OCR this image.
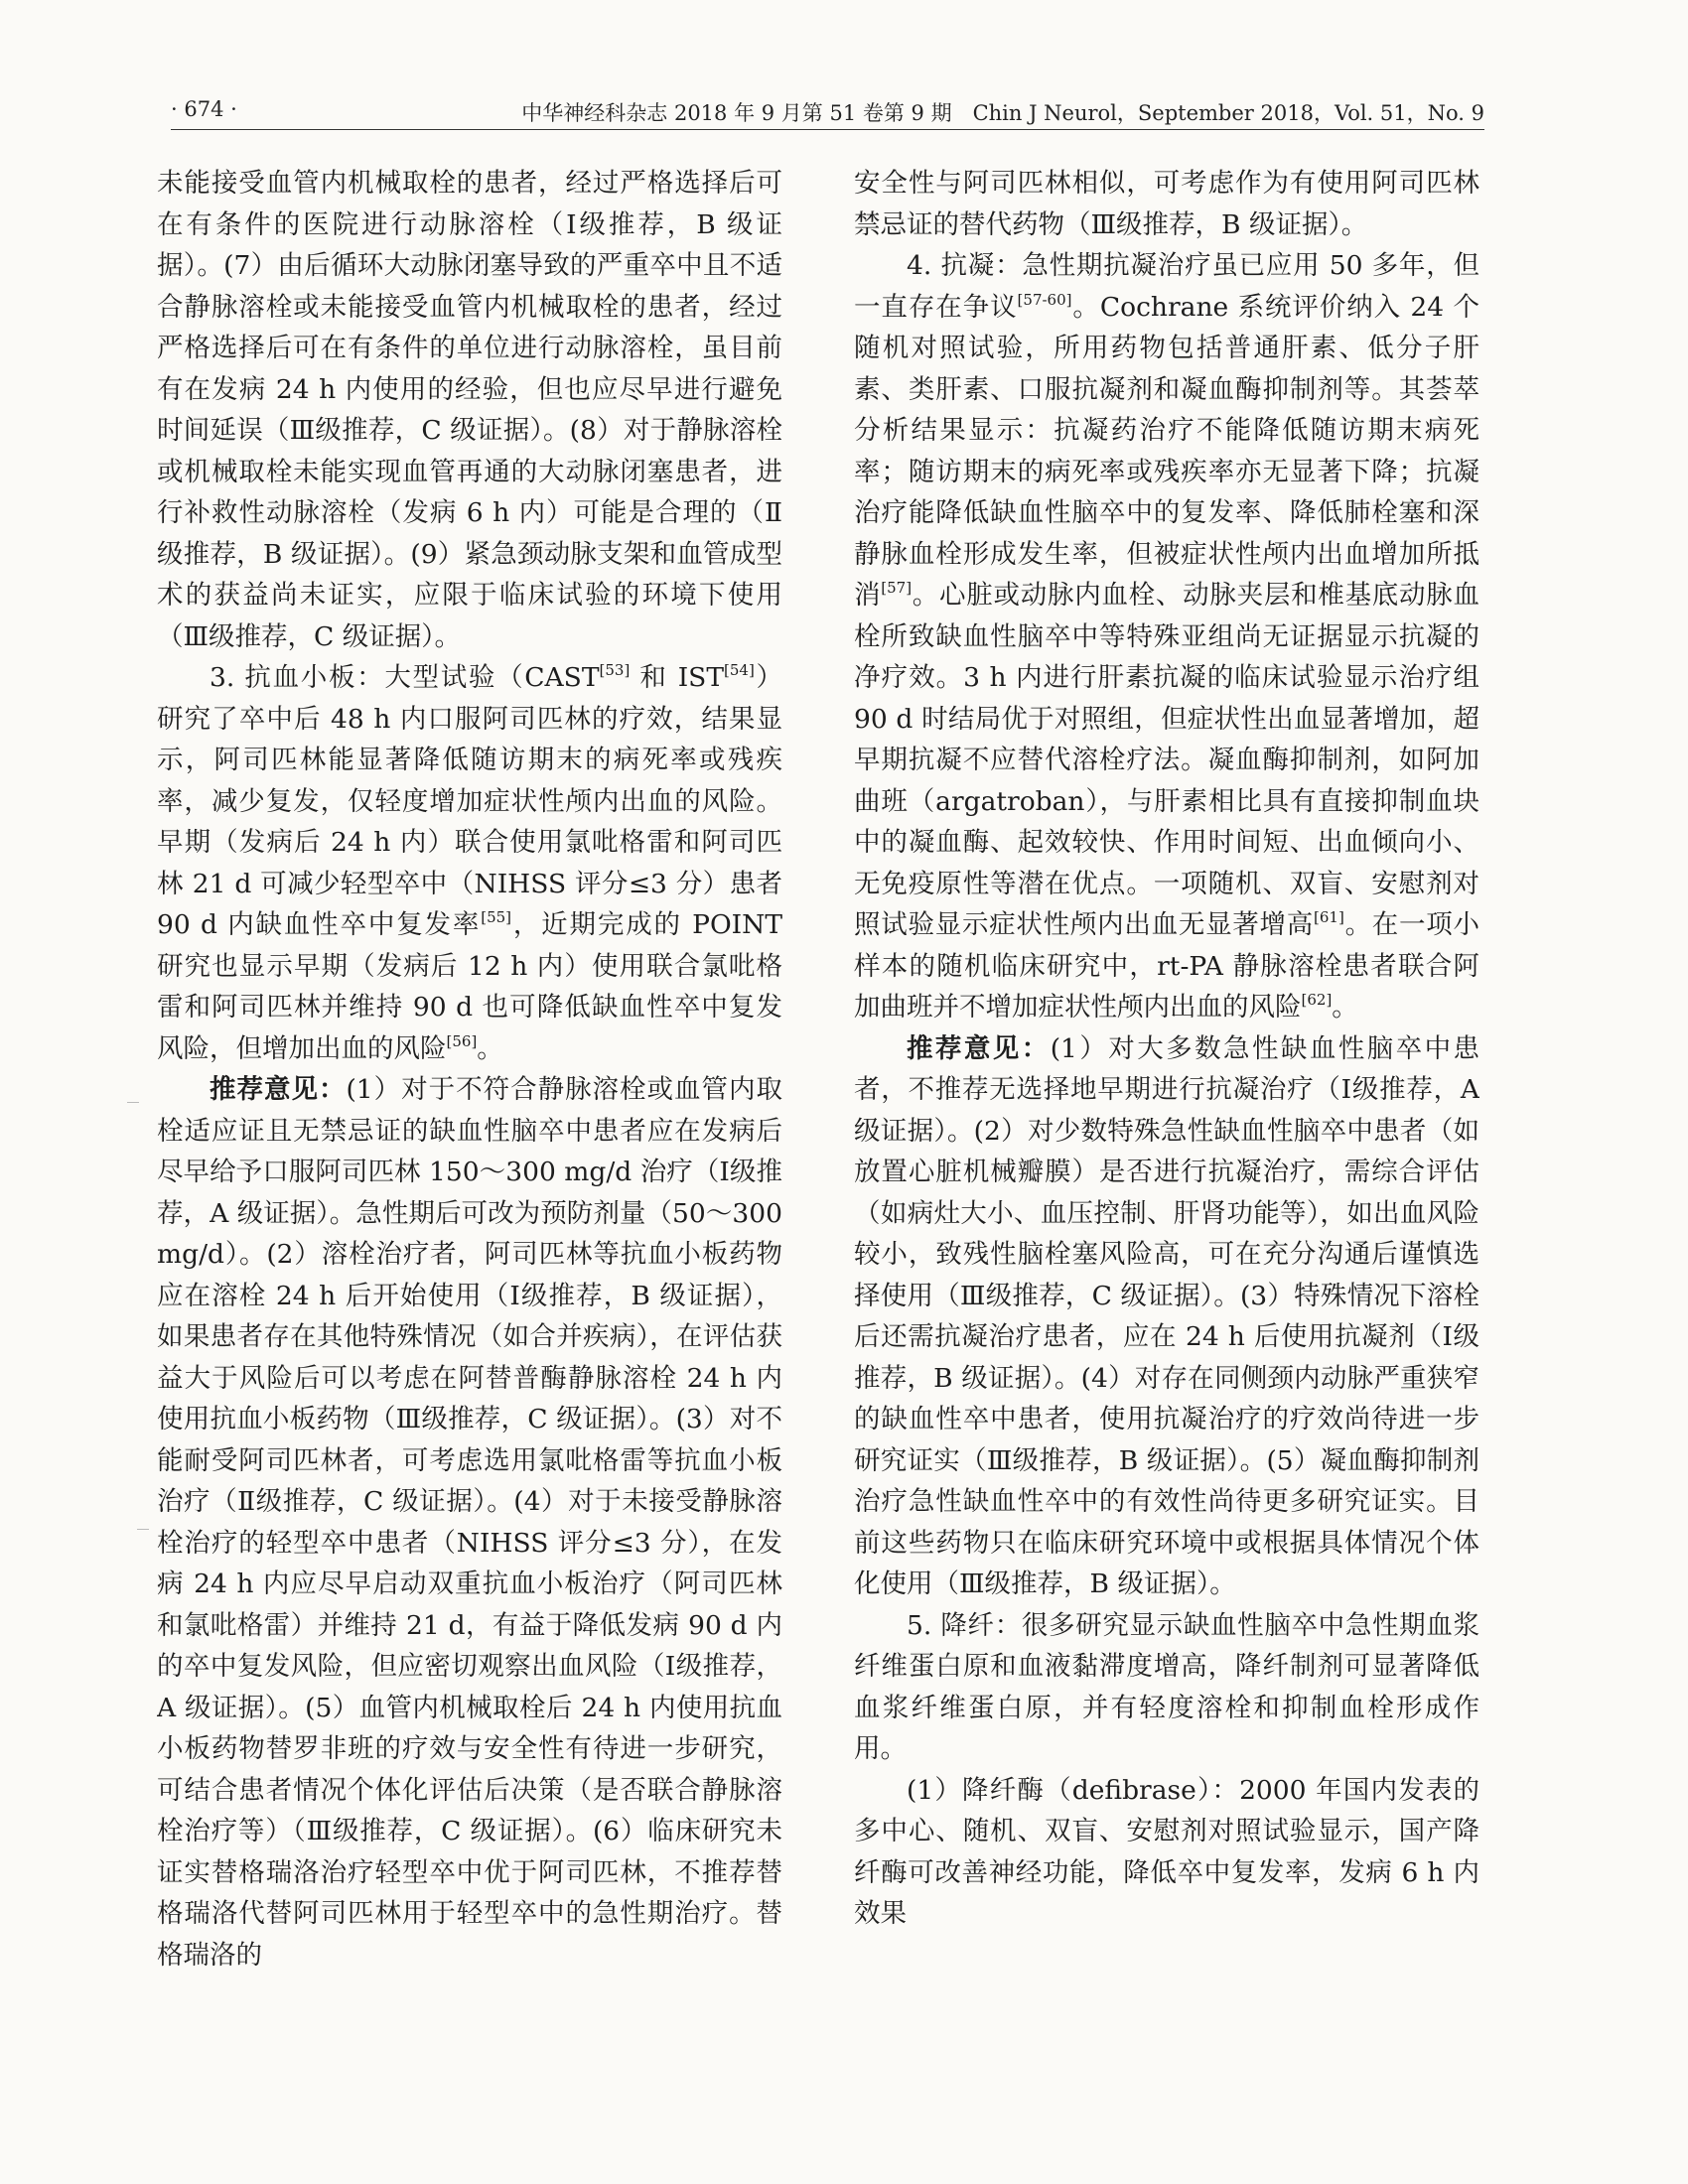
· 674 ·	中华神经科杂志 2018 年 9 月第 51 卷第 9 期　Chin J Neurol，September 2018，Vol. 51，No. 9

未能接受血管内机械取栓的患者，经过严格选择后可在有条件的医院进行动脉溶栓（Ⅰ级推荐，B 级证据）。(7）由后循环大动脉闭塞导致的严重卒中且不适合静脉溶栓或未能接受血管内机械取栓的患者，经过严格选择后可在有条件的单位进行动脉溶栓，虽目前有在发病 24 h 内使用的经验，但也应尽早进行避免时间延误（Ⅲ级推荐，C 级证据）。(8）对于静脉溶栓或机械取栓未能实现血管再通的大动脉闭塞患者，进行补救性动脉溶栓（发病 6 h 内）可能是合理的（Ⅱ级推荐，B 级证据）。(9）紧急颈动脉支架和血管成型术的获益尚未证实，应限于临床试验的环境下使用（Ⅲ级推荐，C 级证据）。

3. 抗血小板：大型试验（CAST[53] 和 IST[54]）研究了卒中后 48 h 内口服阿司匹林的疗效，结果显示，阿司匹林能显著降低随访期末的病死率或残疾率，减少复发，仅轻度增加症状性颅内出血的风险。早期（发病后 24 h 内）联合使用氯吡格雷和阿司匹林 21 d 可减少轻型卒中（NIHSS 评分≤3 分）患者 90 d 内缺血性卒中复发率[55]，近期完成的 POINT 研究也显示早期（发病后 12 h 内）使用联合氯吡格雷和阿司匹林并维持 90 d 也可降低缺血性卒中复发风险，但增加出血的风险[56]。

推荐意见：(1）对于不符合静脉溶栓或血管内取栓适应证且无禁忌证的缺血性脑卒中患者应在发病后尽早给予口服阿司匹林 150～300 mg/d 治疗（Ⅰ级推荐，A 级证据）。急性期后可改为预防剂量（50～300 mg/d）。(2）溶栓治疗者，阿司匹林等抗血小板药物应在溶栓 24 h 后开始使用（Ⅰ级推荐，B 级证据），如果患者存在其他特殊情况（如合并疾病），在评估获益大于风险后可以考虑在阿替普酶静脉溶栓 24 h 内使用抗血小板药物（Ⅲ级推荐，C 级证据）。(3）对不能耐受阿司匹林者，可考虑选用氯吡格雷等抗血小板治疗（Ⅱ级推荐，C 级证据）。(4）对于未接受静脉溶栓治疗的轻型卒中患者（NIHSS 评分≤3 分），在发病 24 h 内应尽早启动双重抗血小板治疗（阿司匹林和氯吡格雷）并维持 21 d，有益于降低发病 90 d 内的卒中复发风险，但应密切观察出血风险（Ⅰ级推荐，A 级证据）。(5）血管内机械取栓后 24 h 内使用抗血小板药物替罗非班的疗效与安全性有待进一步研究，可结合患者情况个体化评估后决策（是否联合静脉溶栓治疗等）（Ⅲ级推荐，C 级证据）。(6）临床研究未证实替格瑞洛治疗轻型卒中优于阿司匹林，不推荐替格瑞洛代替阿司匹林用于轻型卒中的急性期治疗。替格瑞洛的

安全性与阿司匹林相似，可考虑作为有使用阿司匹林禁忌证的替代药物（Ⅲ级推荐，B 级证据）。

4. 抗凝：急性期抗凝治疗虽已应用 50 多年，但一直存在争议[57-60]。Cochrane 系统评价纳入 24 个随机对照试验，所用药物包括普通肝素、低分子肝素、类肝素、口服抗凝剂和凝血酶抑制剂等。其荟萃分析结果显示：抗凝药治疗不能降低随访期末病死率；随访期末的病死率或残疾率亦无显著下降；抗凝治疗能降低缺血性脑卒中的复发率、降低肺栓塞和深静脉血栓形成发生率，但被症状性颅内出血增加所抵消[57]。心脏或动脉内血栓、动脉夹层和椎基底动脉血栓所致缺血性脑卒中等特殊亚组尚无证据显示抗凝的净疗效。3 h 内进行肝素抗凝的临床试验显示治疗组 90 d 时结局优于对照组，但症状性出血显著增加，超早期抗凝不应替代溶栓疗法。凝血酶抑制剂，如阿加曲班（argatroban），与肝素相比具有直接抑制血块中的凝血酶、起效较快、作用时间短、出血倾向小、无免疫原性等潜在优点。一项随机、双盲、安慰剂对照试验显示症状性颅内出血无显著增高[61]。在一项小样本的随机临床研究中，rt-PA 静脉溶栓患者联合阿加曲班并不增加症状性颅内出血的风险[62]。

推荐意见：(1）对大多数急性缺血性脑卒中患者，不推荐无选择地早期进行抗凝治疗（Ⅰ级推荐，A 级证据）。(2）对少数特殊急性缺血性脑卒中患者（如放置心脏机械瓣膜）是否进行抗凝治疗，需综合评估（如病灶大小、血压控制、肝肾功能等），如出血风险较小，致残性脑栓塞风险高，可在充分沟通后谨慎选择使用（Ⅲ级推荐，C 级证据）。(3）特殊情况下溶栓后还需抗凝治疗患者，应在 24 h 后使用抗凝剂（Ⅰ级推荐，B 级证据）。(4）对存在同侧颈内动脉严重狭窄的缺血性卒中患者，使用抗凝治疗的疗效尚待进一步研究证实（Ⅲ级推荐，B 级证据）。(5）凝血酶抑制剂治疗急性缺血性卒中的有效性尚待更多研究证实。目前这些药物只在临床研究环境中或根据具体情况个体化使用（Ⅲ级推荐，B 级证据）。

5. 降纤：很多研究显示缺血性脑卒中急性期血浆纤维蛋白原和血液黏滞度增高，降纤制剂可显著降低血浆纤维蛋白原，并有轻度溶栓和抑制血栓形成作用。

(1）降纤酶（defibrase）：2000 年国内发表的多中心、随机、双盲、安慰剂对照试验显示，国产降纤酶可改善神经功能，降低卒中复发率，发病 6 h 内效果
